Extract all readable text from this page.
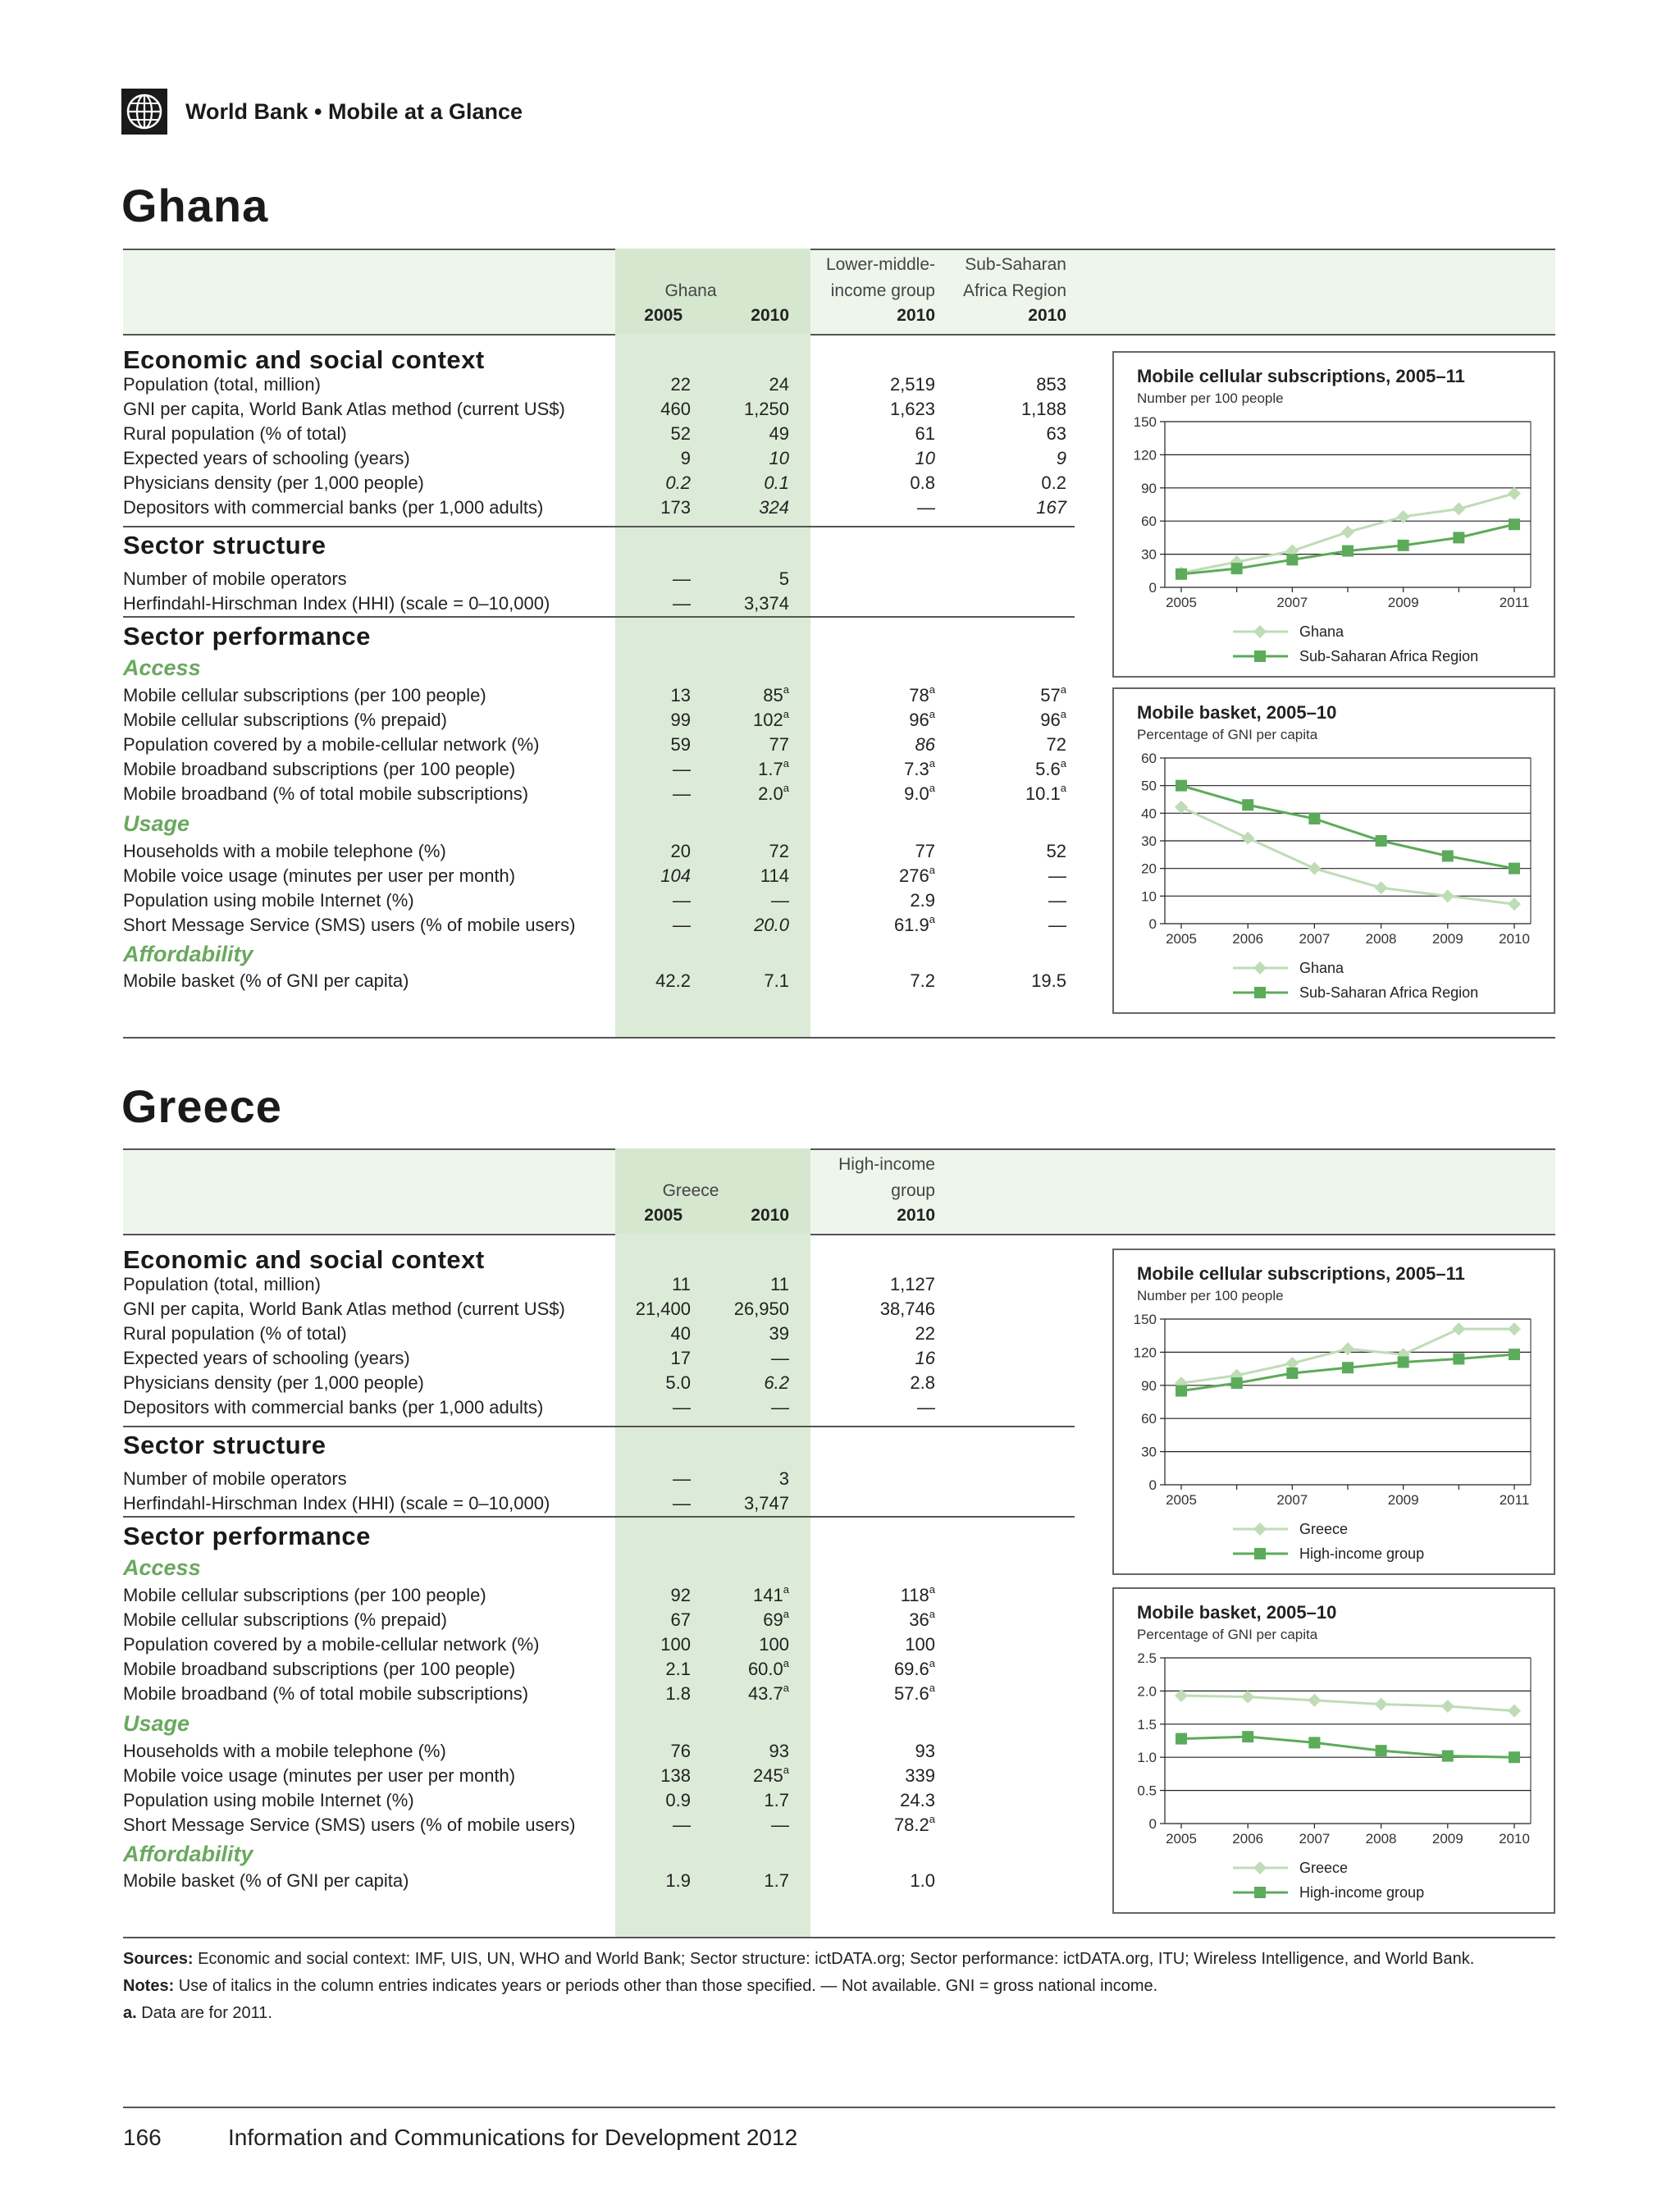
World Bank • Mobile at a Glance
Ghana
Ghana
Lower-middle-
income group
Sub-Saharan
Africa Region
2005	2010	2010	2010
Economic and social context
Sector structure
Sector performance
Access
Usage
Affordability
Population (total, million)	22	24	2,519	853
GNI per capita, World Bank Atlas method (current US$)	460	1,250	1,623	1,188
Rural population (% of total)	52	49	61	63
Expected years of schooling (years)	9	10	10	9
Physicians density (per 1,000 people)	0.2	0.1	0.8	0.2
Depositors with commercial banks (per 1,000 adults)	173	324	—	167
Number of mobile operators	—	5
Herfindahl-Hirschman Index (HHI) (scale = 0–10,000)	—	3,374
Mobile cellular subscriptions (per 100 people)	13	85$^a$	78$^a$	57$^a$
Mobile cellular subscriptions (% prepaid)	99	102$^a$	96$^a$	96$^a$
Population covered by a mobile-cellular network (%)	59	77	86	72
Mobile broadband subscriptions (per 100 people)	—	1.7$^a$	7.3$^a$	5.6$^a$
Mobile broadband (% of total mobile subscriptions)	—	2.0$^a$	9.0$^a$	10.1$^a$
Households with a mobile telephone (%)	20	72	77	52
Mobile voice usage (minutes per user per month)	104	114	276$^a$	—
Population using mobile Internet (%)	—	—	2.9	—
Short Message Service (SMS) users (% of mobile users)	—	20.0	61.9$^a$	—
Mobile basket (% of GNI per capita)	42.2	7.1	7.2	19.5
Greece
Greece
High-income
group
2005	2010	2010
Economic and social context
Sector structure
Sector performance
Access
Usage
Affordability
Population (total, million)	11	11	1,127
GNI per capita, World Bank Atlas method (current US$)	21,400	26,950	38,746
Rural population (% of total)	40	39	22
Expected years of schooling (years)	17	—	16
Physicians density (per 1,000 people)	5.0	6.2	2.8
Depositors with commercial banks (per 1,000 adults)	—	—	—
Number of mobile operators	—	3
Herfindahl-Hirschman Index (HHI) (scale = 0–10,000)	—	3,747
Mobile cellular subscriptions (per 100 people)	92	141$^a$	118$^a$
Mobile cellular subscriptions (% prepaid)	67	69$^a$	36$^a$
Population covered by a mobile-cellular network (%)	100	100	100
Mobile broadband subscriptions (per 100 people)	2.1	60.0$^a$	69.6$^a$
Mobile broadband (% of total mobile subscriptions)	1.8	43.7$^a$	57.6$^a$
Households with a mobile telephone (%)	76	93	93
Mobile voice usage (minutes per user per month)	138	245$^a$	339
Population using mobile Internet (%)	0.9	1.7	24.3
Short Message Service (SMS) users (% of mobile users)	—	—	78.2$^a$
Mobile basket (% of GNI per capita)	1.9	1.7	1.0
Sources: Economic and social context: IMF, UIS, UN, WHO and World Bank; Sector structure: ictDATA.org; Sector performance: ictDATA.org, ITU; Wireless Intelligence, and World Bank.
Notes: Use of italics in the column entries indicates years or periods other than those specified. — Not available. GNI = gross national income.
a. Data are for 2011.
166	Information and Communications for Development 2012
Mobile cellular subscriptions, 2005–11
Number per 100 people
0
30
60
90
120
150
2005	2007	2009	2011
Ghana
Sub-Saharan Africa Region
Mobile basket, 2005–10
Percentage of GNI per capita
0
10
20
30
40
50
60
2005	2006	2007	2008	2009	2010
Ghana
Sub-Saharan Africa Region
Mobile cellular subscriptions, 2005–11
Number per 100 people
0
30
60
90
120
150
2005	2007	2009	2011
Greece
High-income group
Mobile basket, 2005–10
Percentage of GNI per capita
0
0.5
1.0
1.5
2.0
2.5
2005	2006	2007	2008	2009	2010
Greece
High-income group
